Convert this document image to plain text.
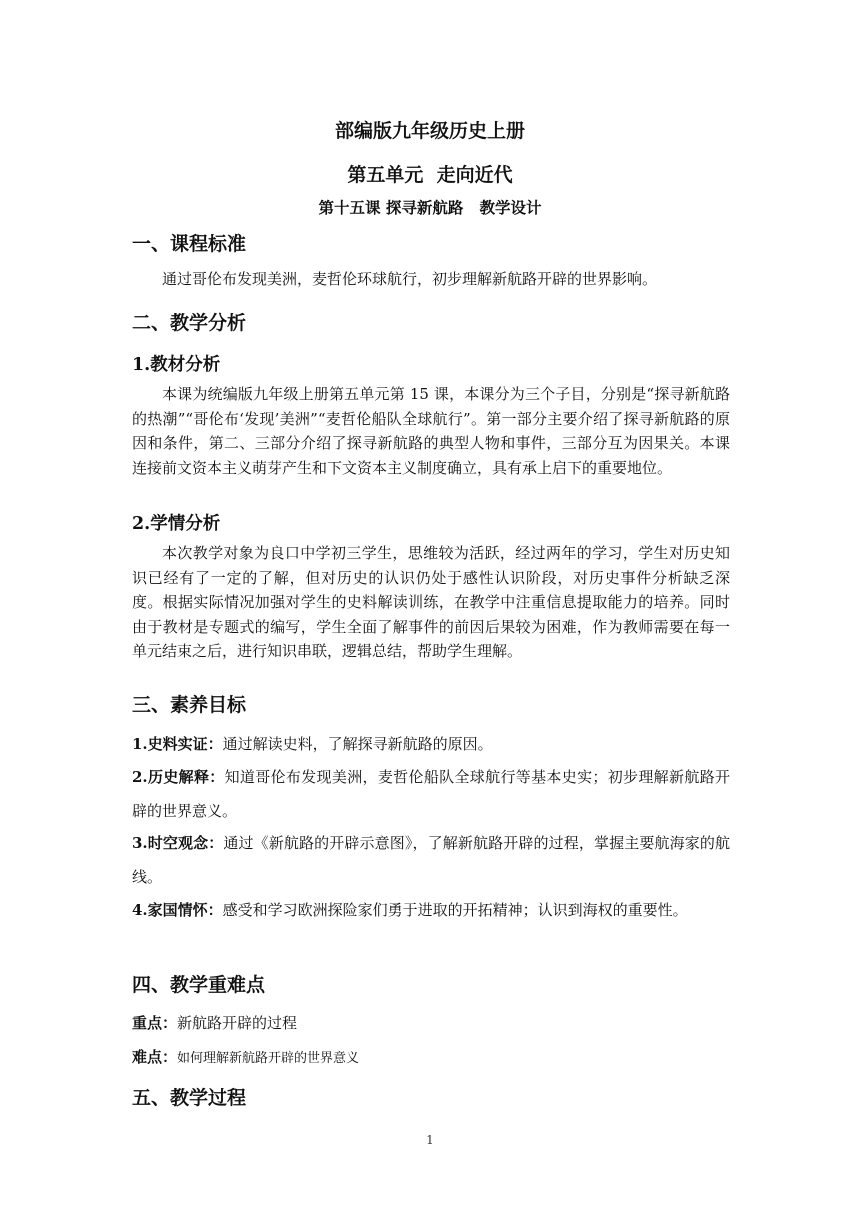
部编版九年级历史上册

第五单元  走向近代

第十五课 探寻新航路   教学设计

一、课程标准

通过哥伦布发现美洲，麦哲伦环球航行，初步理解新航路开辟的世界影响。

二、教学分析

1.教材分析

本课为统编版九年级上册第五单元第 15 课，本课分为三个子目，分别是“探寻新航路的热潮”“哥伦布‘发现’美洲”“麦哲伦船队全球航行”。第一部分主要介绍了探寻新航路的原因和条件，第二、三部分介绍了探寻新航路的典型人物和事件，三部分互为因果关。本课连接前文资本主义萌芽产生和下文资本主义制度确立，具有承上启下的重要地位。

2.学情分析

本次教学对象为良口中学初三学生，思维较为活跃，经过两年的学习，学生对历史知识已经有了一定的了解，但对历史的认识仍处于感性认识阶段，对历史事件分析缺乏深度。根据实际情况加强对学生的史料解读训练，在教学中注重信息提取能力的培养。同时由于教材是专题式的编写，学生全面了解事件的前因后果较为困难，作为教师需要在每一单元结束之后，进行知识串联，逻辑总结，帮助学生理解。

三、素养目标

1.史料实证：通过解读史料，了解探寻新航路的原因。
2.历史解释：知道哥伦布发现美洲，麦哲伦船队全球航行等基本史实；初步理解新航路开辟的世界意义。
3.时空观念：通过《新航路的开辟示意图》，了解新航路开辟的过程，掌握主要航海家的航线。
4.家国情怀：感受和学习欧洲探险家们勇于进取的开拓精神；认识到海权的重要性。

四、教学重难点

重点：新航路开辟的过程
难点：如何理解新航路开辟的世界意义

五、教学过程

1
